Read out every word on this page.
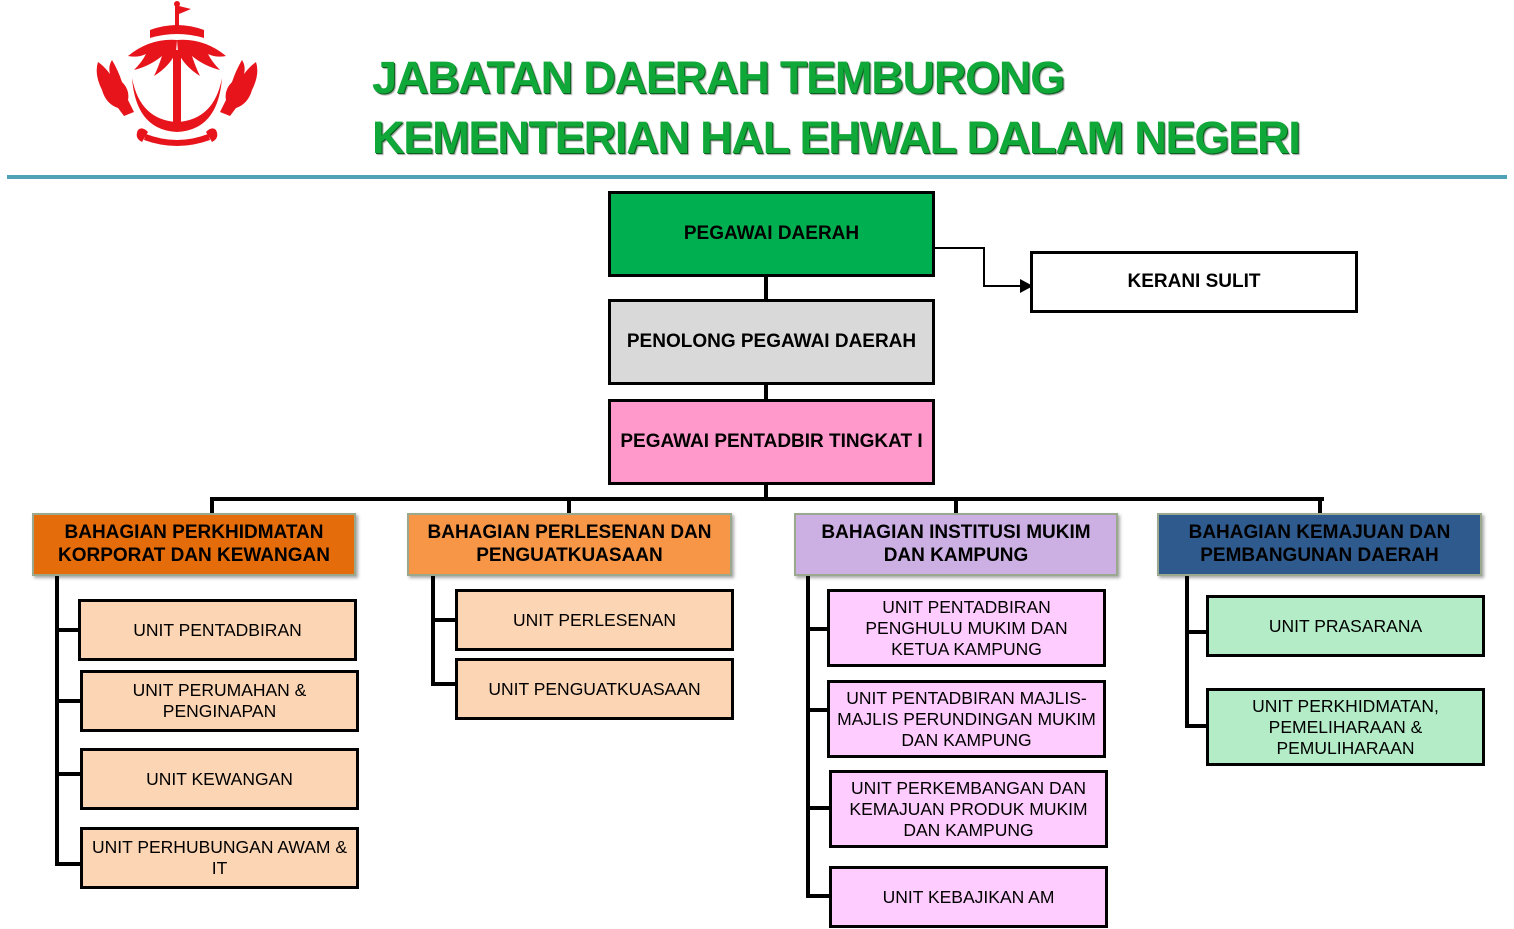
JABATAN DAERAH TEMBURONG
KEMENTERIAN HAL EHWAL DALAM NEGERI
PEGAWAI DAERAH
KERANI SULIT
PENOLONG PEGAWAI DAERAH
PEGAWAI PENTADBIR TINGKAT I
BAHAGIAN PERKHIDMATAN KORPORAT DAN KEWANGAN
BAHAGIAN PERLESENAN DAN PENGUATKUASAAN
BAHAGIAN INSTITUSI MUKIM DAN KAMPUNG
BAHAGIAN KEMAJUAN DAN PEMBANGUNAN DAERAH
UNIT PENTADBIRAN
UNIT PERUMAHAN & PENGINAPAN
UNIT KEWANGAN
UNIT PERHUBUNGAN AWAM & IT
UNIT PERLESENAN
UNIT PENGUATKUASAAN
UNIT PENTADBIRAN PENGHULU MUKIM DAN KETUA KAMPUNG
UNIT PENTADBIRAN MAJLIS-MAJLIS PERUNDINGAN MUKIM DAN KAMPUNG
UNIT PERKEMBANGAN DAN KEMAJUAN PRODUK MUKIM DAN KAMPUNG
UNIT KEBAJIKAN AM
UNIT PRASARANA
UNIT PERKHIDMATAN, PEMELIHARAAN & PEMULIHARAAN
